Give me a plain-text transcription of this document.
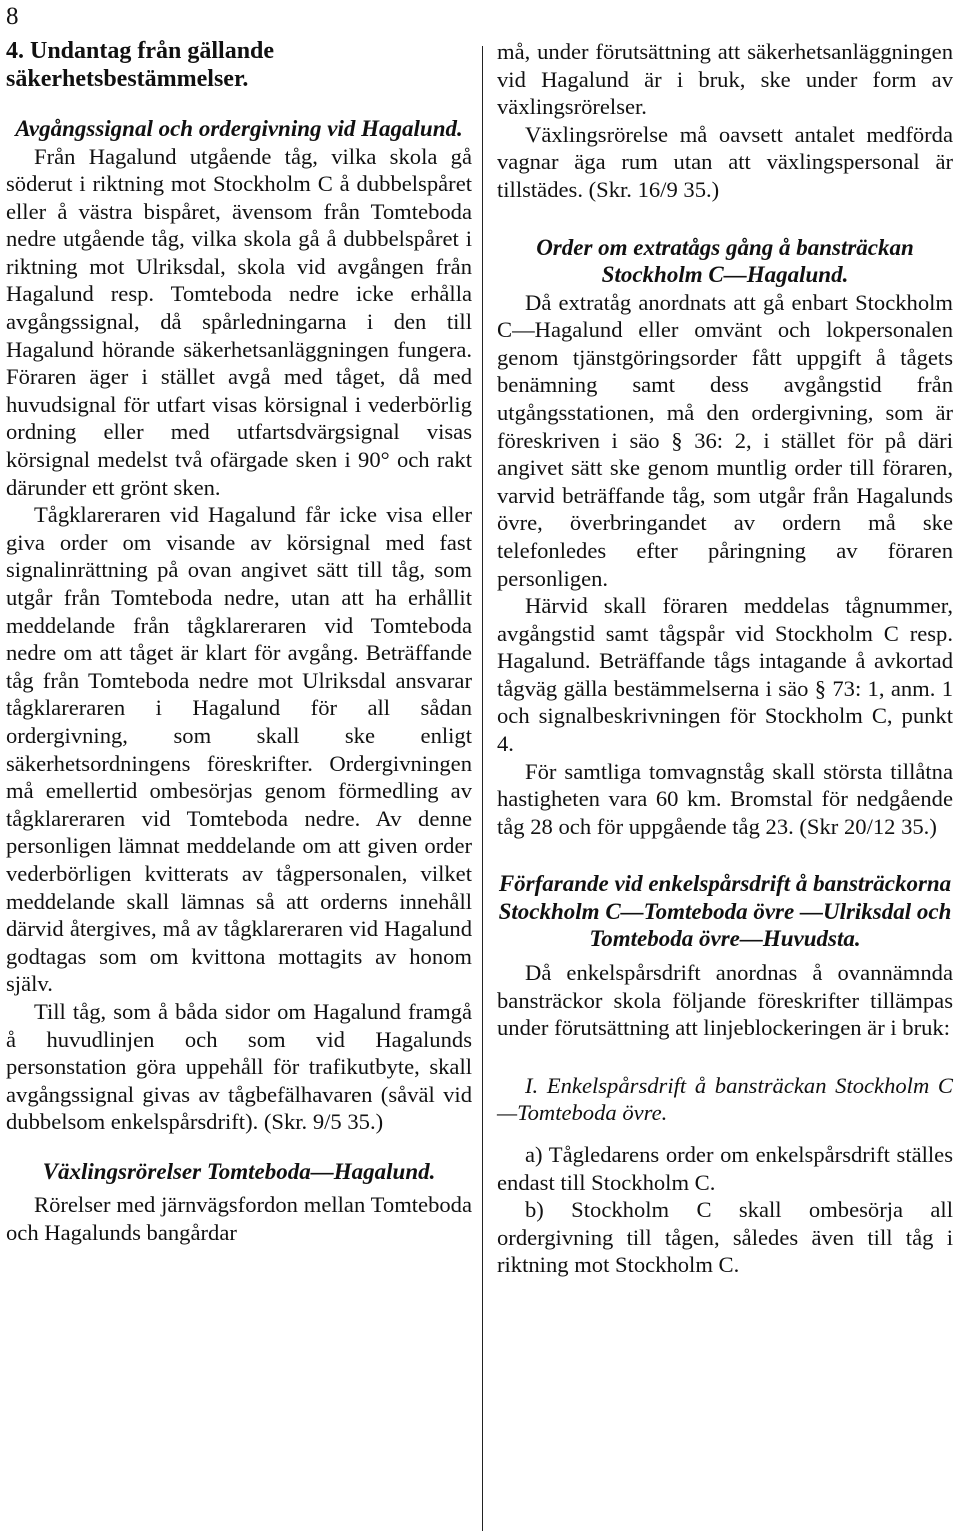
8
4. Undantag från gällande säkerhetsbestämmelser.
Avgångssignal och ordergivning vid Hagalund.

Från Hagalund utgående tåg, vilka skola gå söderut i riktning mot Stockholm C å dubbelspåret eller å västra bispåret, ävensom från Tomteboda nedre utgående tåg, vilka skola gå å dubbelspåret i riktning mot Ulriksdal, skola vid avgången från Hagalund resp. Tomteboda nedre icke erhålla avgångssignal, då spårledningarna i den till Hagalund hörande säkerhetsanläggningen fungera. Föraren äger i stället avgå med tåget, då med huvudsignal för utfart visas körsignal i vederbörlig ordning eller med utfartsdvärgsignal visas körsignal medelst två ofärgade sken i 90° och rakt därunder ett grönt sken.

Tågklareraren vid Hagalund får icke visa eller giva order om visande av körsignal med fast signalinrättning på ovan angivet sätt till tåg, som utgår från Tomteboda nedre, utan att ha erhållit meddelande från tågklareraren vid Tomteboda nedre om att tåget är klart för avgång. Beträffande tåg från Tomteboda nedre mot Ulriksdal ansvarar tågklareraren i Hagalund för all sådan ordergivning, som skall ske enligt säkerhetsordningens föreskrifter. Ordergivningen må emellertid ombesörjas genom förmedling av tågklareraren vid Tomteboda nedre. Av denne personligen lämnat meddelande om att given order vederbörligen kvitterats av tågpersonalen, vilket meddelande skall lämnas så att orderns innehåll därvid återgives, må av tågklareraren vid Hagalund godtagas som om kvittona mottagits av honom själv.

Till tåg, som å båda sidor om Hagalund framgå å huvudlinjen och som vid Hagalunds personstation göra uppehåll för trafikutbyte, skall avgångssignal givas av tågbefälhavaren (såväl vid dubbelsom enkelspårsdrift). (Skr. 9/5 35.)

Växlingsrörelser Tomteboda—Hagalund.

Rörelser med järnvägsfordon mellan Tomteboda och Hagalunds bangårdar

må, under förutsättning att säkerhetsanläggningen vid Hagalund är i bruk, ske under form av växlingsrörelser.

Växlingsrörelse må oavsett antalet medförda vagnar äga rum utan att växlingspersonal är tillstädes. (Skr. 16/9 35.)

Order om extratågs gång å bansträckan Stockholm C—Hagalund.

Då extratåg anordnats att gå enbart Stockholm C—Hagalund eller omvänt och lokpersonalen genom tjänstgöringsorder fått uppgift å tågets benämning samt dess avgångstid från utgångsstationen, må den ordergivning, som är föreskriven i säo § 36: 2, i stället för på däri angivet sätt ske genom muntlig order till föraren, varvid beträffande tåg, som utgår från Hagalunds övre, överbringandet av ordern må ske telefonledes efter påringning av föraren personligen.

Härvid skall föraren meddelas tågnummer, avgångstid samt tågspår vid Stockholm C resp. Hagalund. Beträffande tågs intagande å avkortad tågväg gälla bestämmelserna i säo § 73: 1, anm. 1 och signalbeskrivningen för Stockholm C, punkt 4.

För samtliga tomvagnståg skall största tillåtna hastigheten vara 60 km. Bromstal för nedgående tåg 28 och för uppgående tåg 23. (Skr 20/12 35.)

Förfarande vid enkelspårsdrift å bansträckorna Stockholm C—Tomteboda övre —Ulriksdal och Tomteboda övre—Huvudsta.

Då enkelspårsdrift anordnas å ovannämnda bansträckor skola följande föreskrifter tillämpas under förutsättning att linjeblockeringen är i bruk:

I. Enkelspårsdrift å bansträckan Stockholm C—Tomteboda övre.

a) Tågledarens order om enkelspårsdrift ställes endast till Stockholm C.

b) Stockholm C skall ombesörja all ordergivning till tågen, således även till tåg i riktning mot Stockholm C.
